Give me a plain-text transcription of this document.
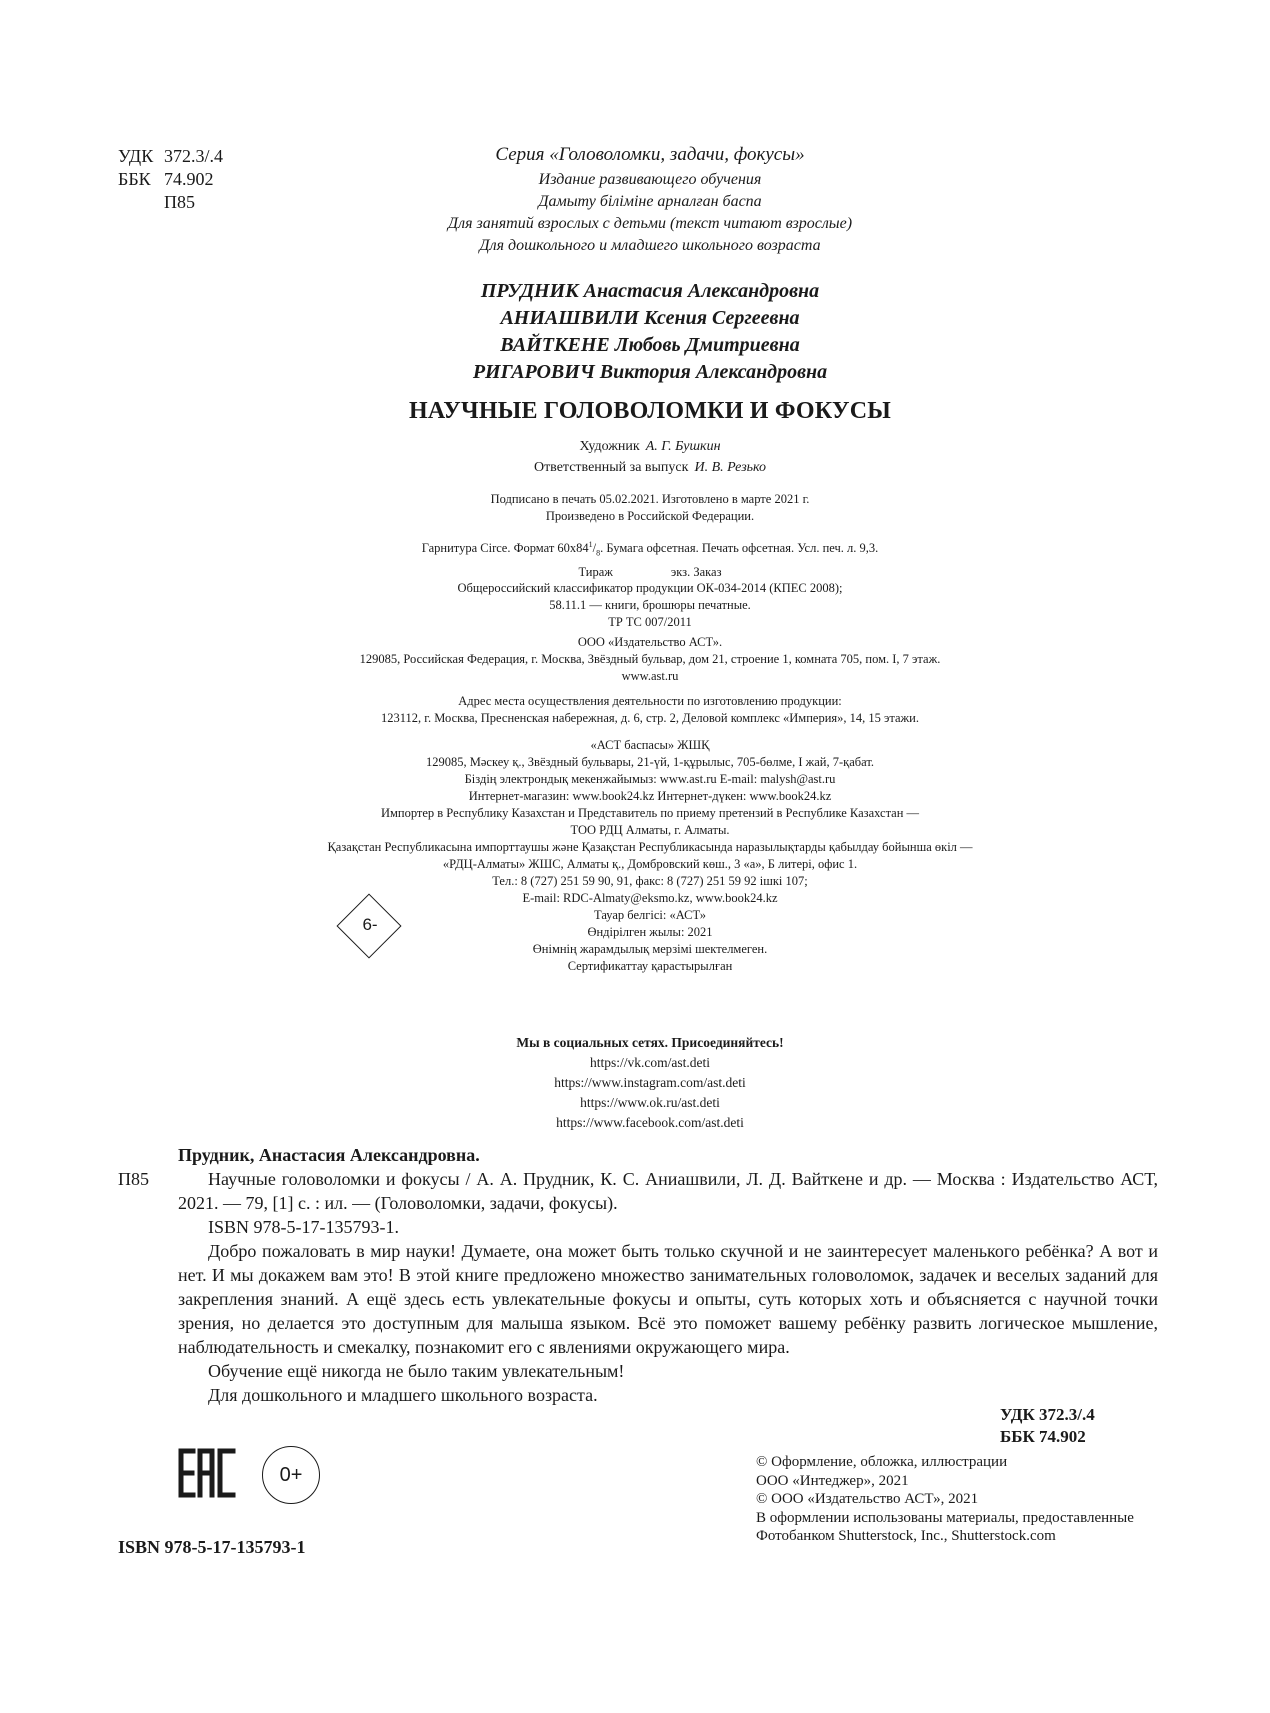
УДК 372.3/.4
ББК 74.902
П85
Серия «Головоломки, задачи, фокусы»
Издание развивающего обучения
Дамыту біліміне арналған баспа
Для занятий взрослых с детьми (текст читают взрослые)
Для дошкольного и младшего школьного возраста
ПРУДНИК Анастасия Александровна
АНИАШВИЛИ Ксения Сергеевна
ВАЙТКЕНЕ Любовь Дмитриевна
РИГАРОВИЧ Виктория Александровна
НАУЧНЫЕ ГОЛОВОЛОМКИ И ФОКУСЫ
Художник А. Г. Бушкин
Ответственный за выпуск И. В. Резько
Подписано в печать 05.02.2021. Изготовлено в марте 2021 г.
Произведено в Российской Федерации.
Гарнитура Circe. Формат $60x84^1/_8$. Бумага офсетная. Печать офсетная. Усл. печ. л. 9,3.
Тираж	экз. Заказ
Общероссийский классификатор продукции ОК-034-2014 (КПЕС 2008);
58.11.1 — книги, брошюры печатные.
ТР ТС 007/2011
ООО «Издательство АСТ».
129085, Российская Федерация, г. Москва, Звёздный бульвар, дом 21, строение 1, комната 705, пом. I, 7 этаж.
www.ast.ru
Адрес места осуществления деятельности по изготовлению продукции:
123112, г. Москва, Пресненская набережная, д. 6, стр. 2, Деловой комплекс «Империя», 14, 15 этажи.
«АСТ баспасы» ЖШҚ
129085, Мәскеу қ., Звёздный бульвары, 21-үй, 1-құрылыс, 705-бөлме, I жай, 7-қабат.
Біздің электрондық мекенжайымыз: www.ast.ru E-mail: malysh@ast.ru
Интернет-магазин: www.book24.kz Интернет-дүкен: www.book24.kz
Импортер в Республику Казахстан и Представитель по приему претензий в Республике Казахстан —
ТОО РДЦ Алматы, г. Алматы.
Қазақстан Республикасына импорттаушы және Қазақстан Республикасында наразылықтарды қабылдау бойынша өкіл —
«РДЦ-Алматы» ЖШС, Алматы қ., Домбровский көш., 3 «а», Б литері, офис 1.
Тел.: 8 (727) 251 59 90, 91, факс: 8 (727) 251 59 92 ішкі 107;
E-mail: RDC-Almaty@eksmo.kz, www.book24.kz
Тауар белгісі: «АСТ»
Өндірілген жылы: 2021
Өнімнің жарамдылық мерзімі шектелмеген.
Сертификаттау қарастырылған
6-
Мы в социальных сетях. Присоединяйтесь!
https://vk.com/ast.deti
https://www.instagram.com/ast.deti
https://www.ok.ru/ast.deti
https://www.facebook.com/ast.deti
Прудник, Анастасия Александровна.
П85	Научные головоломки и фокусы / А. А. Прудник, К. С. Аниашвили, Л. Д. Вайткене и др. — Москва : Издательство АСТ, 2021. — 79, [1] с. : ил. — (Головоломки, задачи, фокусы).
ISBN 978-5-17-135793-1.
Добро пожаловать в мир науки! Думаете, она может быть только скучной и не заинтересует маленького ребёнка? А вот и нет. И мы докажем вам это! В этой книге предложено множество занимательных головоломок, задачек и веселых заданий для закрепления знаний. А ещё здесь есть увлекательные фокусы и опыты, суть которых хоть и объясняется с научной точки зрения, но делается это доступным для малыша языком. Всё это поможет вашему ребёнку развить логическое мышление, наблюдательность и смекалку, познакомит его с явлениями окружающего мира.
Обучение ещё никогда не было таким увлекательным!
Для дошкольного и младшего школьного возраста.
УДК 372.3/.4
ББК 74.902
0+
ISBN 978-5-17-135793-1
© Оформление, обложка, иллюстрации
ООО «Интеджер», 2021
© ООО «Издательство АСТ», 2021
В оформлении использованы материалы, предоставленные
Фотобанком Shutterstock, Inc., Shutterstock.com
